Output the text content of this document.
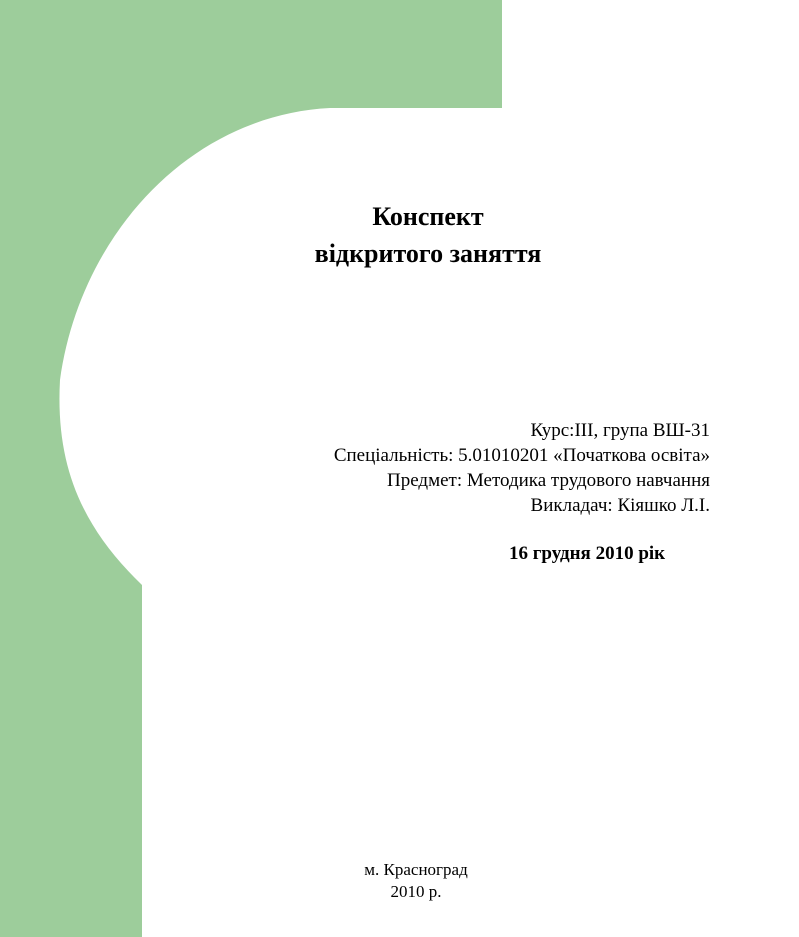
Конспект
відкритого заняття
Курс:ІІІ, група ВШ-31
Спеціальність: 5.01010201 «Початкова освіта»
Предмет: Методика трудового навчання
Викладач: Кіяшко Л.І.
16 грудня 2010 рік
м. Красноград
2010 р.
